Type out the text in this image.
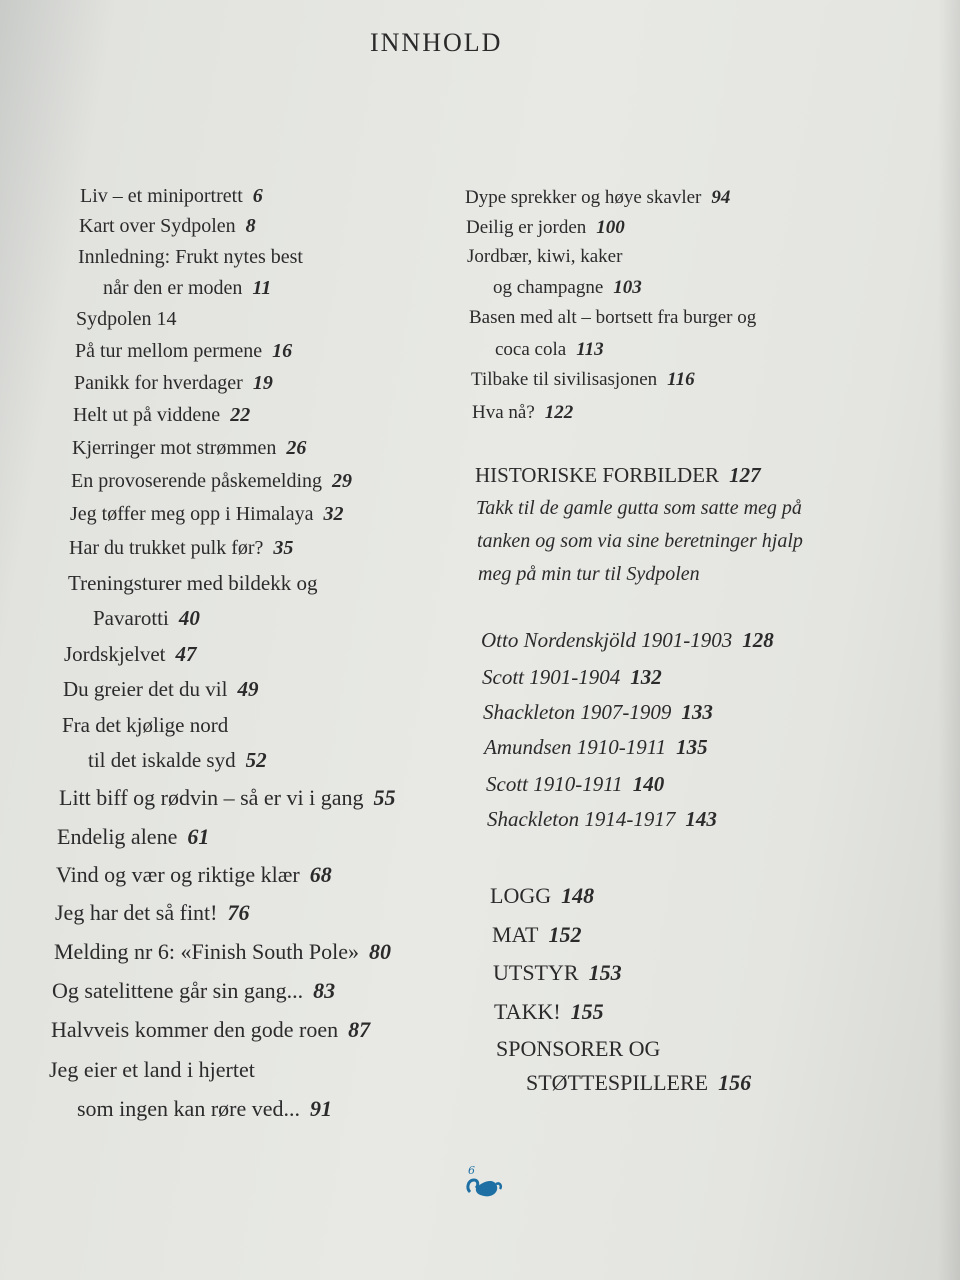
INNHOLD
Liv – et miniportrett 6
Kart over Sydpolen 8
Innledning: Frukt nytes best
når den er moden 11
Sydpolen 14
På tur mellom permene 16
Panikk for hverdager 19
Helt ut på viddene 22
Kjerringer mot strømmen 26
En provoserende påskemelding 29
Jeg tøffer meg opp i Himalaya 32
Har du trukket pulk før? 35
Treningsturer med bildekk og
Pavarotti 40
Jordskjelvet 47
Du greier det du vil 49
Fra det kjølige nord
til det iskalde syd 52
Litt biff og rødvin – så er vi i gang 55
Endelig alene 61
Vind og vær og riktige klær 68
Jeg har det så fint! 76
Melding nr 6: «Finish South Pole» 80
Og satelittene går sin gang... 83
Halvveis kommer den gode roen 87
Jeg eier et land i hjertet
som ingen kan røre ved... 91
Dype sprekker og høye skavler 94
Deilig er jorden 100
Jordbær, kiwi, kaker
og champagne 103
Basen med alt – bortsett fra burger og
coca cola 113
Tilbake til sivilisasjonen 116
Hva nå? 122
HISTORISKE FORBILDER 127
Takk til de gamle gutta som satte meg på
tanken og som via sine beretninger hjalp
meg på min tur til Sydpolen
Otto Nordenskjöld 1901-1903 128
Scott 1901-1904 132
Shackleton 1907-1909 133
Amundsen 1910-1911 135
Scott 1910-1911 140
Shackleton 1914-1917 143
LOGG 148
MAT 152
UTSTYR 153
TAKK! 155
SPONSORER OG
STØTTESPILLERE 156
6
